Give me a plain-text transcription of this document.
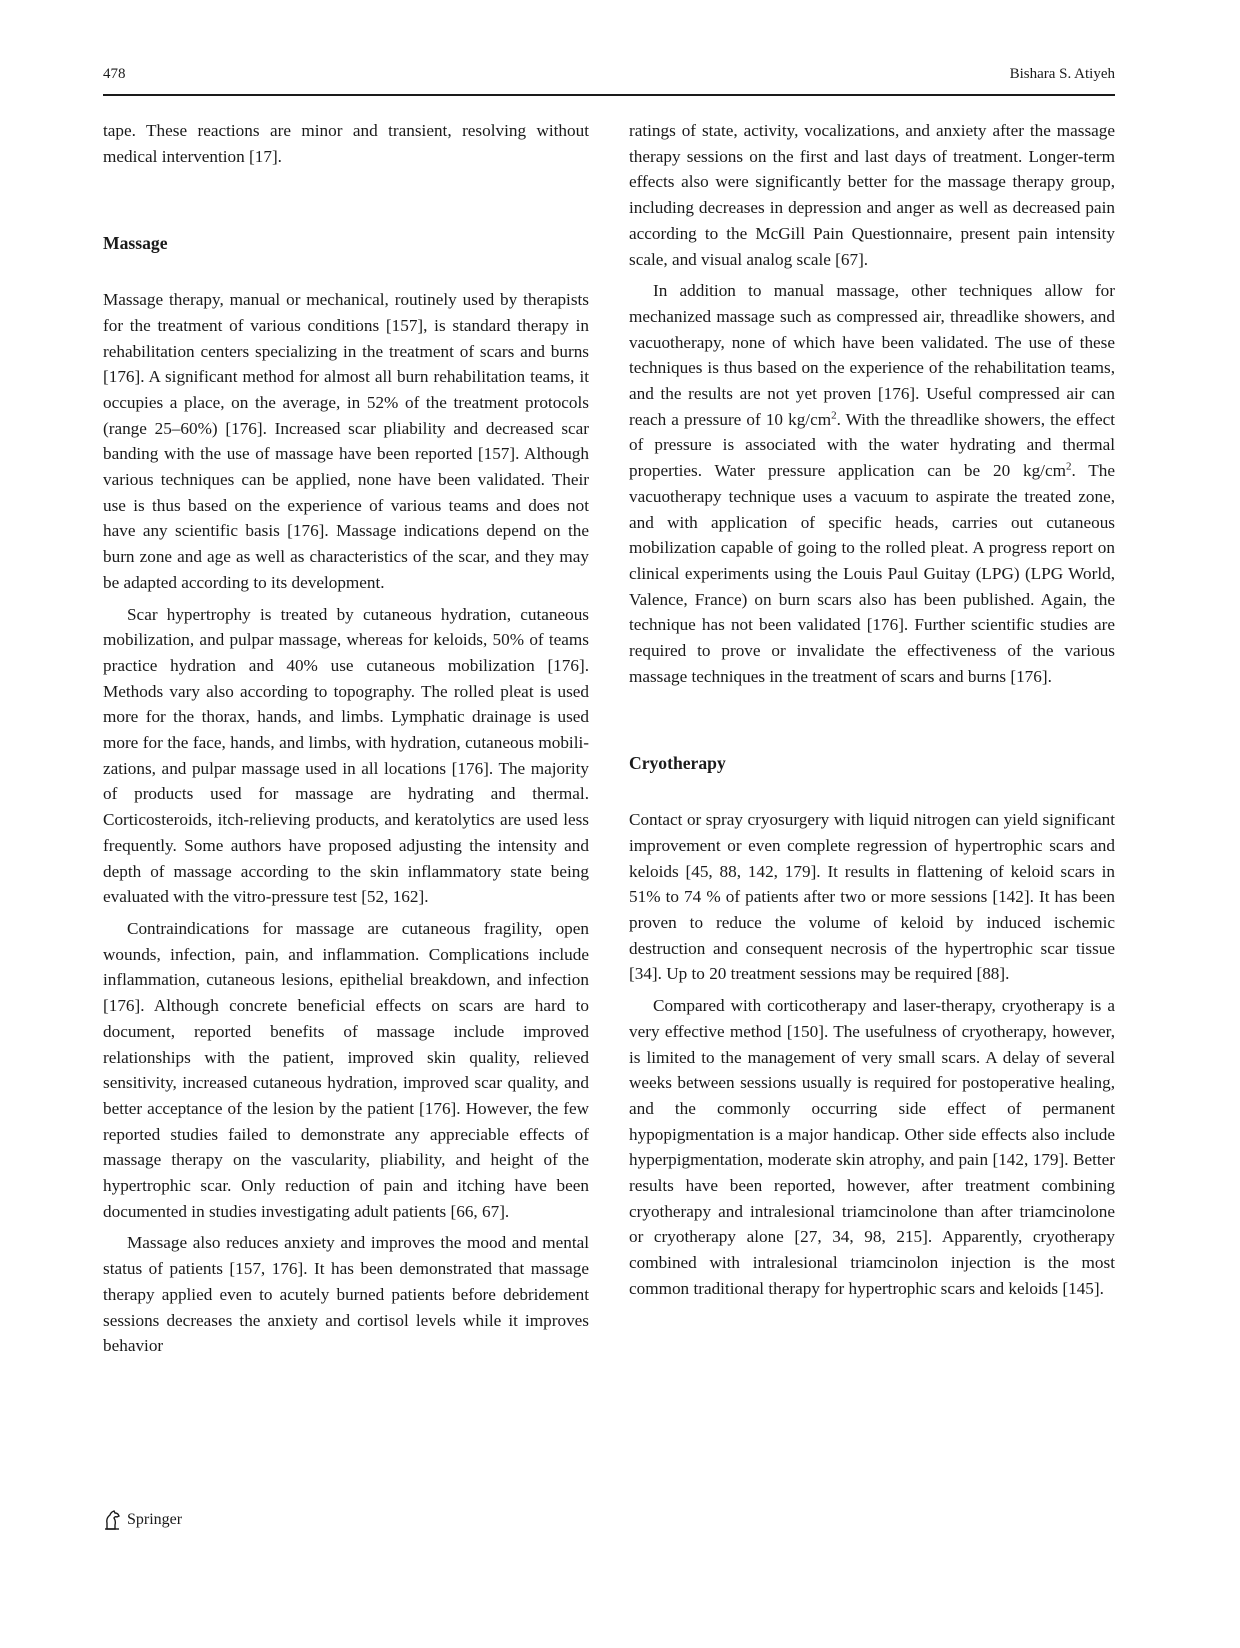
478	Bishara S. Atiyeh

tape. These reactions are minor and transient, resolving without medical intervention [17].

Massage

Massage therapy, manual or mechanical, routinely used by therapists for the treatment of various conditions [157], is standard therapy in rehabilitation centers specializing in the treatment of scars and burns [176]. A significant method for almost all burn rehabilitation teams, it occupies a place, on the average, in 52% of the treatment protocols (range 25–60%) [176]. Increased scar pliability and decreased scar banding with the use of massage have been reported [157]. Although various techniques can be applied, none have been validated. Their use is thus based on the experience of various teams and does not have any scientific basis [176]. Massage indications depend on the burn zone and age as well as characteristics of the scar, and they may be adapted according to its development.

Scar hypertrophy is treated by cutaneous hydration, cutaneous mobilization, and pulpar massage, whereas for keloids, 50% of teams practice hydration and 40% use cutaneous mobilization [176]. Methods vary also according to topography. The rolled pleat is used more for the thorax, hands, and limbs. Lymphatic drainage is used more for the face, hands, and limbs, with hydration, cutaneous mobilizations, and pulpar massage used in all locations [176]. The majority of products used for massage are hydrating and thermal. Corticosteroids, itch-relieving products, and keratolytics are used less frequently. Some authors have proposed adjusting the intensity and depth of massage according to the skin inflammatory state being evaluated with the vitro-pressure test [52, 162].

Contraindications for massage are cutaneous fragility, open wounds, infection, pain, and inflammation. Complications include inflammation, cutaneous lesions, epithelial breakdown, and infection [176]. Although concrete beneficial effects on scars are hard to document, reported benefits of massage include improved relationships with the patient, improved skin quality, relieved sensitivity, increased cutaneous hydration, improved scar quality, and better acceptance of the lesion by the patient [176]. However, the few reported studies failed to demonstrate any appreciable effects of massage therapy on the vascularity, pliability, and height of the hypertrophic scar. Only reduction of pain and itching have been documented in studies investigating adult patients [66, 67].

Massage also reduces anxiety and improves the mood and mental status of patients [157, 176]. It has been demonstrated that massage therapy applied even to acutely burned patients before debridement sessions decreases the anxiety and cortisol levels while it improves behavior

ratings of state, activity, vocalizations, and anxiety after the massage therapy sessions on the first and last days of treatment. Longer-term effects also were significantly better for the massage therapy group, including decreases in depression and anger as well as decreased pain according to the McGill Pain Questionnaire, present pain intensity scale, and visual analog scale [67].

In addition to manual massage, other techniques allow for mechanized massage such as compressed air, threadlike showers, and vacuotherapy, none of which have been validated. The use of these techniques is thus based on the experience of the rehabilitation teams, and the results are not yet proven [176]. Useful compressed air can reach a pressure of 10 $kg/cm^2$. With the threadlike showers, the effect of pressure is associated with the water hydrating and thermal properties. Water pressure application can be 20 $kg/cm^2$. The vacuotherapy technique uses a vacuum to aspirate the treated zone, and with application of specific heads, carries out cutaneous mobilization capable of going to the rolled pleat. A progress report on clinical experiments using the Louis Paul Guitay (LPG) (LPG World, Valence, France) on burn scars also has been published. Again, the technique has not been validated [176]. Further scientific studies are required to prove or invalidate the effectiveness of the various massage techniques in the treatment of scars and burns [176].

Cryotherapy

Contact or spray cryosurgery with liquid nitrogen can yield significant improvement or even complete regression of hypertrophic scars and keloids [45, 88, 142, 179]. It results in flattening of keloid scars in 51% to 74 % of patients after two or more sessions [142]. It has been proven to reduce the volume of keloid by induced ischemic destruction and consequent necrosis of the hypertrophic scar tissue [34]. Up to 20 treatment sessions may be required [88].

Compared with corticotherapy and laser-therapy, cryotherapy is a very effective method [150]. The usefulness of cryotherapy, however, is limited to the management of very small scars. A delay of several weeks between sessions usually is required for postoperative healing, and the commonly occurring side effect of permanent hypopigmentation is a major handicap. Other side effects also include hyperpigmentation, moderate skin atrophy, and pain [142, 179]. Better results have been reported, however, after treatment combining cryotherapy and intralesional triamcinolone than after triamcinolone or cryotherapy alone [27, 34, 98, 215]. Apparently, cryotherapy combined with intralesional triamcinolon injection is the most common traditional therapy for hypertrophic scars and keloids [145].

Springer
